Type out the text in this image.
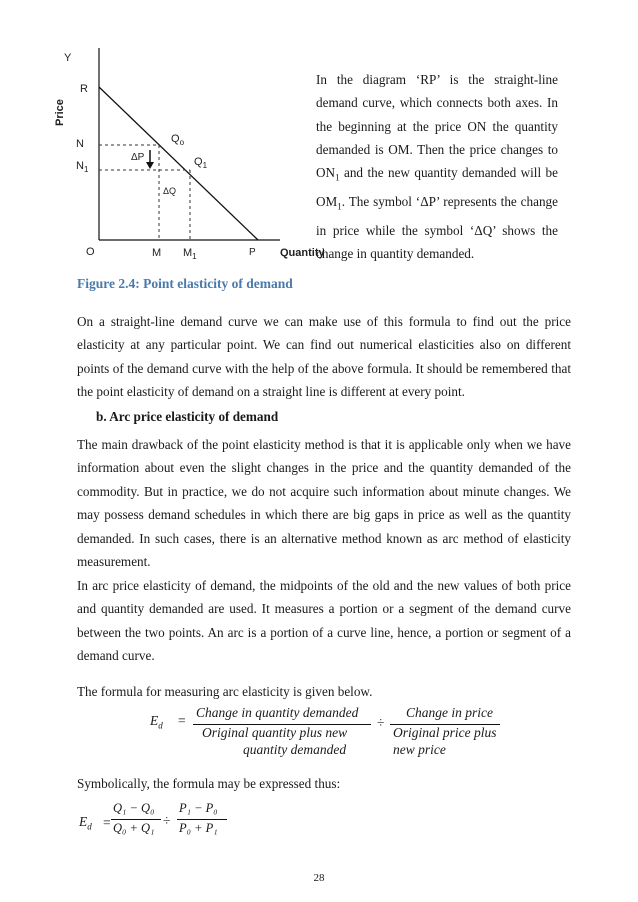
Y
Price
R
N
$N_1$
$Q_o$
$Q_1$
ΔP
ΔQ
O	M $M_1$	P Quantity

In the diagram ‘RP’ is the straight-line demand curve, which connects both axes. In the beginning at the price ON the quantity demanded is OM. Then the price changes to $ON_1$ and the new quantity demanded will be $OM_1$. The symbol ‘ΔP’ represents the change in price while the symbol ‘ΔQ’ shows the change in quantity demanded.

Figure 2.4: Point elasticity of demand

On a straight-line demand curve we can make use of this formula to find out the price elasticity at any particular point. We can find out numerical elasticities also on different points of the demand curve with the help of the above formula. It should be remembered that the point elasticity of demand on a straight line is different at every point.

b. Arc price elasticity of demand

The main drawback of the point elasticity method is that it is applicable only when we have information about even the slight changes in the price and the quantity demanded of the commodity. But in practice, we do not acquire such information about minute changes. We may possess demand schedules in which there are big gaps in price as well as the quantity demanded. In such cases, there is an alternative method known as arc method of elasticity measurement.

In arc price elasticity of demand, the midpoints of the old and the new values of both price and quantity demanded are used. It measures a portion or a segment of the demand curve between the two points. An arc is a portion of a curve line, hence, a portion or segment of a demand curve.

The formula for measuring arc elasticity is given below.

$E_d$ =
Change in quantity demanded
Original quantity plus new
quantity demanded
÷
Change in price
Original price plus
new price

Symbolically, the formula may be expressed thus:

$E_d$ =
Q₁ − Q₀
Q₀ + Q₁ ÷
P₁ − P₀
P₀ + P₁
28
